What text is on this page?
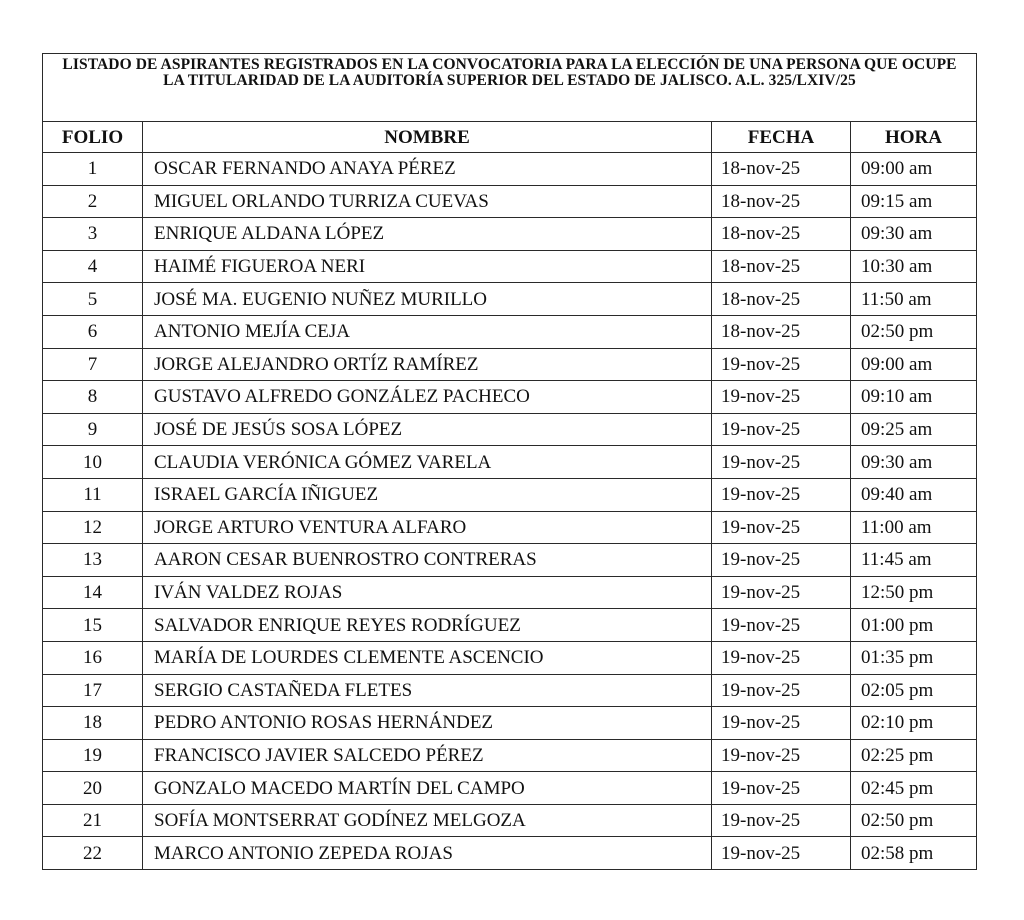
LISTADO DE ASPIRANTES REGISTRADOS EN LA CONVOCATORIA PARA LA ELECCIÓN DE UNA PERSONA QUE OCUPE LA TITULARIDAD DE LA AUDITORÍA SUPERIOR DEL ESTADO DE JALISCO. A.L. 325/LXIV/25			
FOLIO	NOMBRE	FECHA	HORA
1	OSCAR FERNANDO ANAYA PÉREZ	18-nov-25	09:00 am
2	MIGUEL ORLANDO TURRIZA CUEVAS	18-nov-25	09:15 am
3	ENRIQUE ALDANA LÓPEZ	18-nov-25	09:30 am
4	HAIMÉ FIGUEROA NERI	18-nov-25	10:30 am
5	JOSÉ MA. EUGENIO NUÑEZ MURILLO	18-nov-25	11:50 am
6	ANTONIO MEJÍA CEJA	18-nov-25	02:50 pm
7	JORGE ALEJANDRO ORTÍZ RAMÍREZ	19-nov-25	09:00 am
8	GUSTAVO ALFREDO GONZÁLEZ PACHECO	19-nov-25	09:10 am
9	JOSÉ DE JESÚS SOSA LÓPEZ	19-nov-25	09:25 am
10	CLAUDIA VERÓNICA GÓMEZ VARELA	19-nov-25	09:30 am
11	ISRAEL GARCÍA IÑIGUEZ	19-nov-25	09:40 am
12	JORGE ARTURO VENTURA ALFARO	19-nov-25	11:00 am
13	AARON CESAR BUENROSTRO CONTRERAS	19-nov-25	11:45 am
14	IVÁN VALDEZ ROJAS	19-nov-25	12:50 pm
15	SALVADOR ENRIQUE REYES RODRÍGUEZ	19-nov-25	01:00 pm
16	MARÍA DE LOURDES CLEMENTE ASCENCIO	19-nov-25	01:35 pm
17	SERGIO CASTAÑEDA FLETES	19-nov-25	02:05 pm
18	PEDRO ANTONIO ROSAS HERNÁNDEZ	19-nov-25	02:10 pm
19	FRANCISCO JAVIER SALCEDO PÉREZ	19-nov-25	02:25 pm
20	GONZALO MACEDO MARTÍN DEL CAMPO	19-nov-25	02:45 pm
21	SOFÍA MONTSERRAT GODÍNEZ MELGOZA	19-nov-25	02:50 pm
22	MARCO ANTONIO ZEPEDA ROJAS	19-nov-25	02:58 pm
